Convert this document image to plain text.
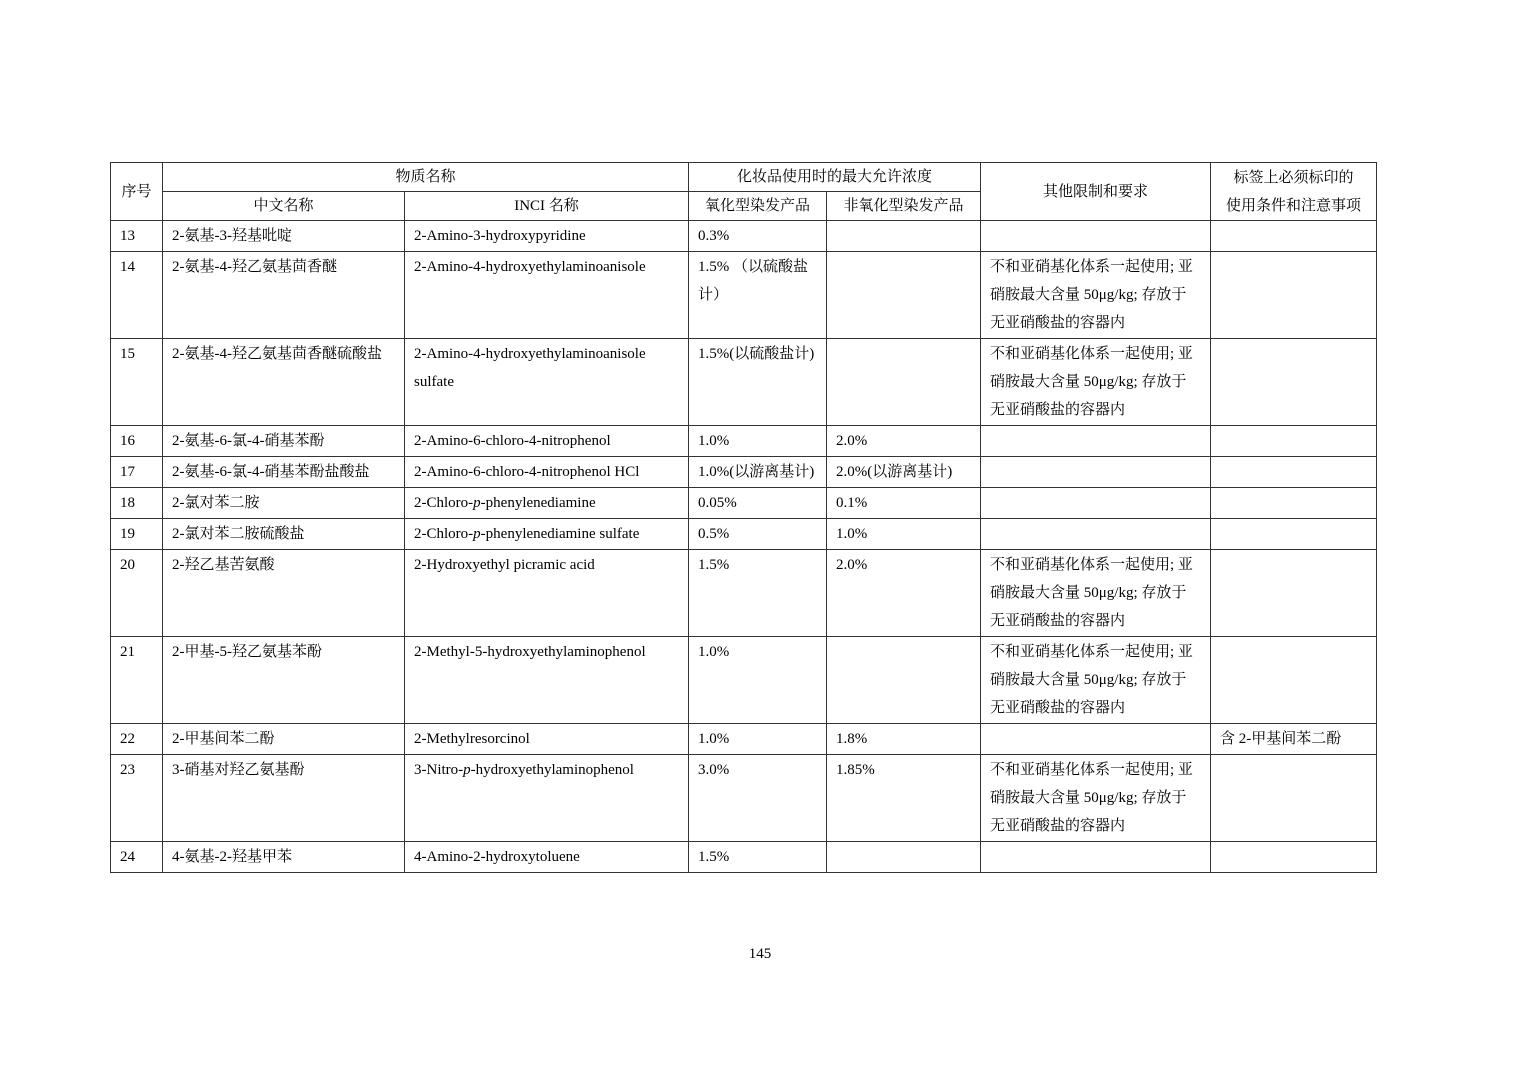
序号	物质名称		化妆品使用时的最大允许浓度		其他限制和要求	标签上必须标印的
使用条件和注意事项

	中文名称	INCI 名称	氧化型染发产品	非氧化型染发产品		
13	2-氨基-3-羟基吡啶	2-Amino-3-hydroxypyridine	0.3%			
14	2-氨基-4-羟乙氨基茴香醚	2-Amino-4-hydroxyethylaminoanisole	1.5% （以硫酸盐计）		不和亚硝基化体系一起使用; 亚硝胺最大含量 50μg/kg; 存放于无亚硝酸盐的容器内	
15	2-氨基-4-羟乙氨基茴香醚硫酸盐	2-Amino-4-hydroxyethylaminoanisole sulfate	1.5%(以硫酸盐计)		不和亚硝基化体系一起使用; 亚硝胺最大含量 50μg/kg; 存放于无亚硝酸盐的容器内	
16	2-氨基-6-氯-4-硝基苯酚	2-Amino-6-chloro-4-nitrophenol	1.0%	2.0%		
17	2-氨基-6-氯-4-硝基苯酚盐酸盐	2-Amino-6-chloro-4-nitrophenol HCl	1.0%(以游离基计)	2.0%(以游离基计)		
18	2-氯对苯二胺	2-Chloro-p-phenylenediamine	0.05%	0.1%		
19	2-氯对苯二胺硫酸盐	2-Chloro-p-phenylenediamine sulfate	0.5%	1.0%		
20	2-羟乙基苦氨酸	2-Hydroxyethyl picramic acid	1.5%	2.0%	不和亚硝基化体系一起使用; 亚硝胺最大含量 50μg/kg; 存放于无亚硝酸盐的容器内	
21	2-甲基-5-羟乙氨基苯酚	2-Methyl-5-hydroxyethylaminophenol	1.0%		不和亚硝基化体系一起使用; 亚硝胺最大含量 50μg/kg; 存放于无亚硝酸盐的容器内	
22	2-甲基间苯二酚	2-Methylresorcinol	1.0%	1.8%		含 2-甲基间苯二酚
23	3-硝基对羟乙氨基酚	3-Nitro-p-hydroxyethylaminophenol	3.0%	1.85%	不和亚硝基化体系一起使用; 亚硝胺最大含量 50μg/kg; 存放于无亚硝酸盐的容器内	
24	4-氨基-2-羟基甲苯	4-Amino-2-hydroxytoluene	1.5%			
145
